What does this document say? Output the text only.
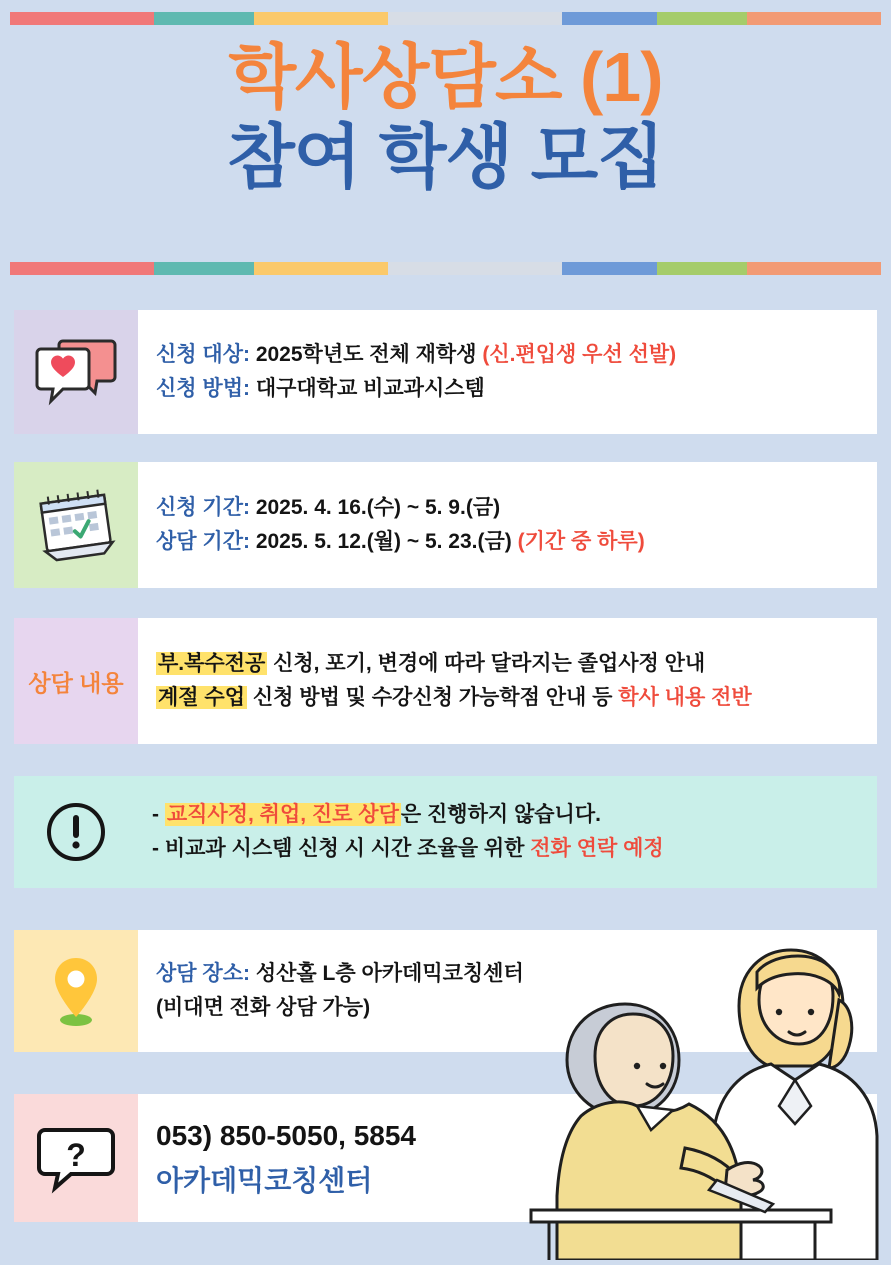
학사상담소 (1)
참여 학생 모집
신청 대상: 2025학년도 전체 재학생 (신.편입생 우선 선발)
신청 방법: 대구대학교 비교과시스템
신청 기간: 2025. 4. 16.(수) ~ 5. 9.(금)
상담 기간: 2025. 5. 12.(월) ~ 5. 23.(금) (기간 중 하루)
상담 내용
부.복수전공 신청, 포기, 변경에 따라 달라지는 졸업사정 안내
계절 수업 신청 방법 및 수강신청 가능학점 안내 등 학사 내용 전반
- 교직사정, 취업, 진로 상담은 진행하지 않습니다.
- 비교과 시스템 신청 시 시간 조율을 위한 전화 연락 예정
상담 장소: 성산홀 L층 아카데믹코칭센터
(비대면 전화 상담 가능)
?
053) 850-5050, 5854
아카데믹코칭센터
